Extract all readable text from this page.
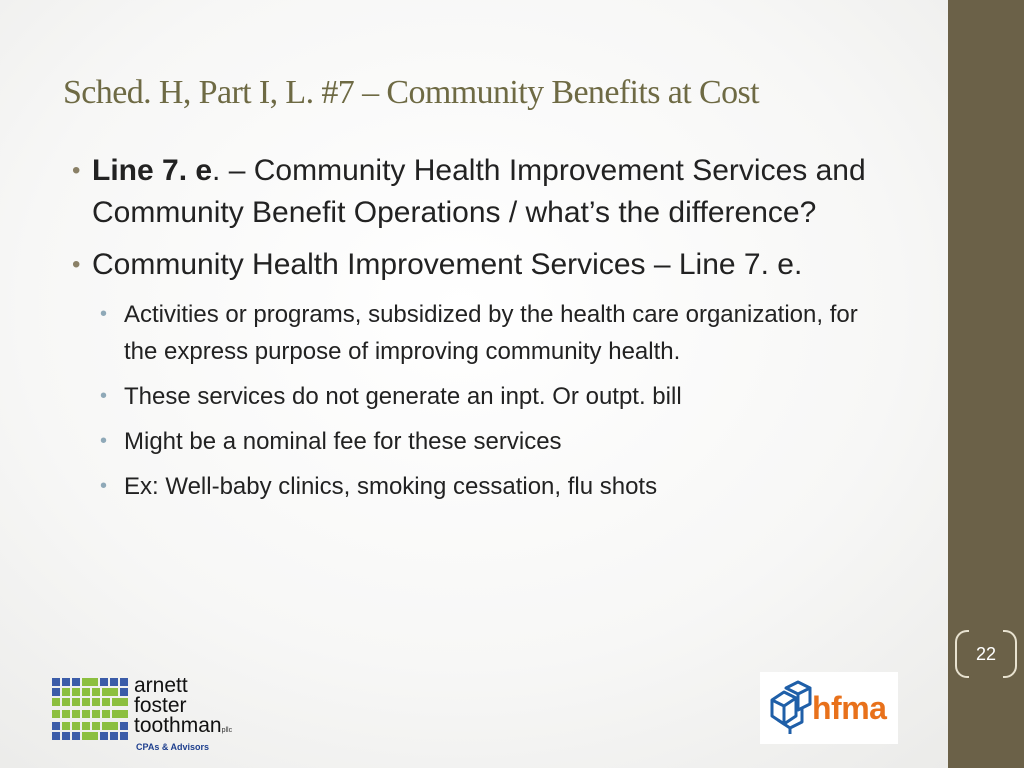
22
Sched. H, Part I, L. #7 – Community Benefits at Cost
• Line 7. e. – Community Health Improvement Services and Community Benefit Operations / what’s the difference?
• Community Health Improvement Services – Line 7. e.
• Activities or programs, subsidized by the health care organization, for the express purpose of improving community health.
• These services do not generate an inpt. Or outpt. bill
• Might be a nominal fee for these services
• Ex: Well-baby clinics, smoking cessation, flu shots
arnett
foster
toothmanpllc
CPAs & Advisors
hfma
